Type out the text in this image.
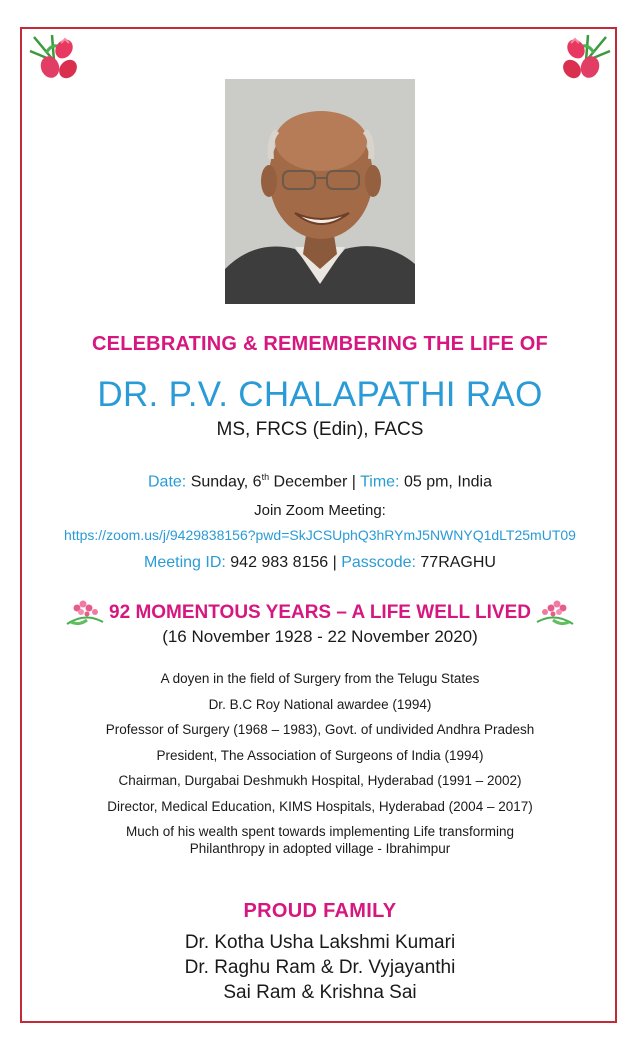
CELEBRATING & REMEMBERING THE LIFE OF
DR. P.V. CHALAPATHI RAO
MS, FRCS (Edin), FACS
Date: Sunday, 6th December | Time: 05 pm, India
Join Zoom Meeting:
https://zoom.us/j/9429838156?pwd=SkJCSUphQ3hRYmJ5NWNYQ1dLT25mUT09
Meeting ID: 942 983 8156 | Passcode: 77RAGHU
92 MOMENTOUS YEARS – A LIFE WELL LIVED
(16 November 1928 - 22 November 2020)
A doyen in the field of Surgery from the Telugu States
Dr. B.C Roy National awardee (1994)
Professor of Surgery (1968 – 1983), Govt. of undivided Andhra Pradesh
President, The Association of Surgeons of India (1994)
Chairman, Durgabai Deshmukh Hospital, Hyderabad (1991 – 2002)
Director, Medical Education, KIMS Hospitals, Hyderabad (2004 – 2017)
Much of his wealth spent towards implementing Life transforming
Philanthropy in adopted village - Ibrahimpur
PROUD FAMILY
Dr. Kotha Usha Lakshmi Kumari
Dr. Raghu Ram & Dr. Vyjayanthi
Sai Ram & Krishna Sai
